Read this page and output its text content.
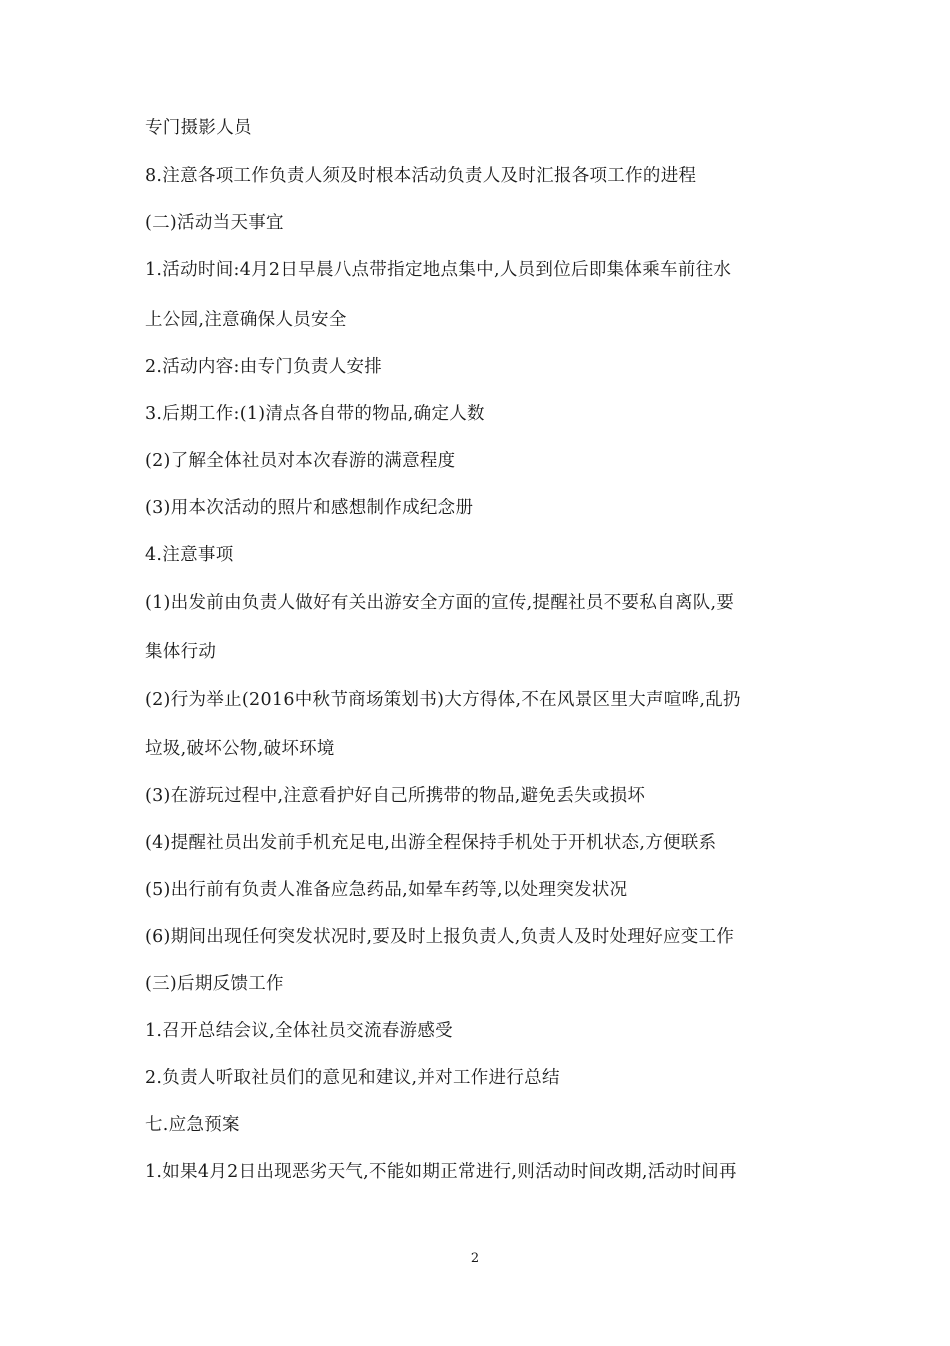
专门摄影人员
8.注意各项工作负责人须及时根本活动负责人及时汇报各项工作的进程
(二)活动当天事宜
1.活动时间:4月2日早晨八点带指定地点集中,人员到位后即集体乘车前往水
上公园,注意确保人员安全
2.活动内容:由专门负责人安排
3.后期工作:(1)清点各自带的物品,确定人数
(2)了解全体社员对本次春游的满意程度
(3)用本次活动的照片和感想制作成纪念册
4.注意事项
(1)出发前由负责人做好有关出游安全方面的宣传,提醒社员不要私自离队,要
集体行动
(2)行为举止(2016中秋节商场策划书)大方得体,不在风景区里大声喧哗,乱扔
垃圾,破坏公物,破坏环境
(3)在游玩过程中,注意看护好自己所携带的物品,避免丢失或损坏
(4)提醒社员出发前手机充足电,出游全程保持手机处于开机状态,方便联系
(5)出行前有负责人准备应急药品,如晕车药等,以处理突发状况
(6)期间出现任何突发状况时,要及时上报负责人,负责人及时处理好应变工作
(三)后期反馈工作
1.召开总结会议,全体社员交流春游感受
2.负责人听取社员们的意见和建议,并对工作进行总结
七.应急预案
1.如果4月2日出现恶劣天气,不能如期正常进行,则活动时间改期,活动时间再
2
